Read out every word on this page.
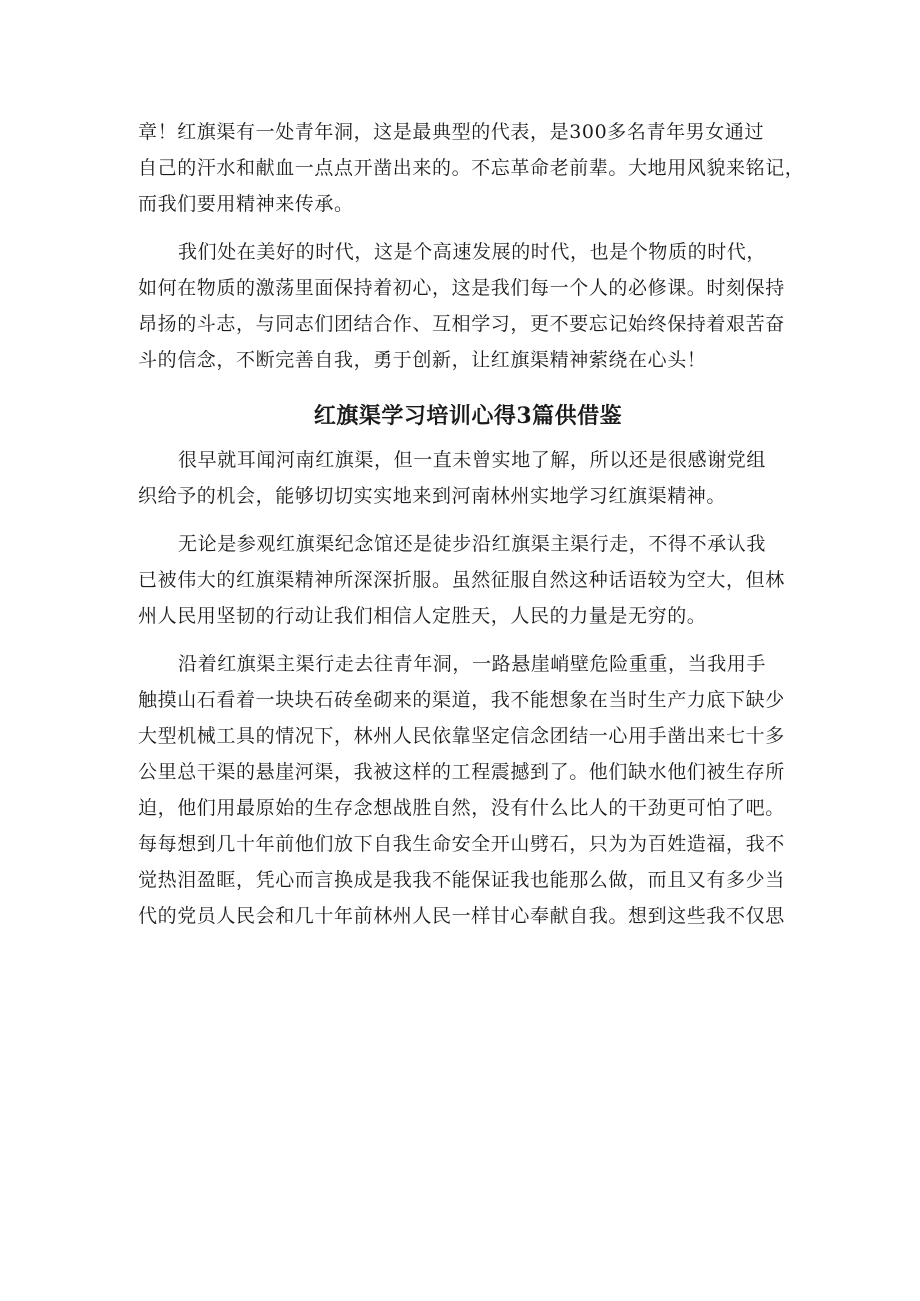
章！红旗渠有一处青年洞，这是最典型的代表，是300多名青年男女通过
自己的汗水和献血一点点开凿出来的。不忘革命老前辈。大地用风貌来铭记，
而我们要用精神来传承。

我们处在美好的时代，这是个高速发展的时代，也是个物质的时代，
如何在物质的激荡里面保持着初心，这是我们每一个人的必修课。时刻保持
昂扬的斗志，与同志们团结合作、互相学习，更不要忘记始终保持着艰苦奋
斗的信念，不断完善自我，勇于创新，让红旗渠精神萦绕在心头！

红旗渠学习培训心得3篇供借鉴

很早就耳闻河南红旗渠，但一直未曾实地了解，所以还是很感谢党组
织给予的机会，能够切切实实地来到河南林州实地学习红旗渠精神。

无论是参观红旗渠纪念馆还是徒步沿红旗渠主渠行走，不得不承认我
已被伟大的红旗渠精神所深深折服。虽然征服自然这种话语较为空大，但林
州人民用坚韧的行动让我们相信人定胜天，人民的力量是无穷的。

沿着红旗渠主渠行走去往青年洞，一路悬崖峭壁危险重重，当我用手
触摸山石看着一块块石砖垒砌来的渠道，我不能想象在当时生产力底下缺少
大型机械工具的情况下，林州人民依靠坚定信念团结一心用手凿出来七十多
公里总干渠的悬崖河渠，我被这样的工程震撼到了。他们缺水他们被生存所
迫，他们用最原始的生存念想战胜自然，没有什么比人的干劲更可怕了吧。
每每想到几十年前他们放下自我生命安全开山劈石，只为为百姓造福，我不
觉热泪盈眶，凭心而言换成是我我不能保证我也能那么做，而且又有多少当
代的党员人民会和几十年前林州人民一样甘心奉献自我。想到这些我不仅思
